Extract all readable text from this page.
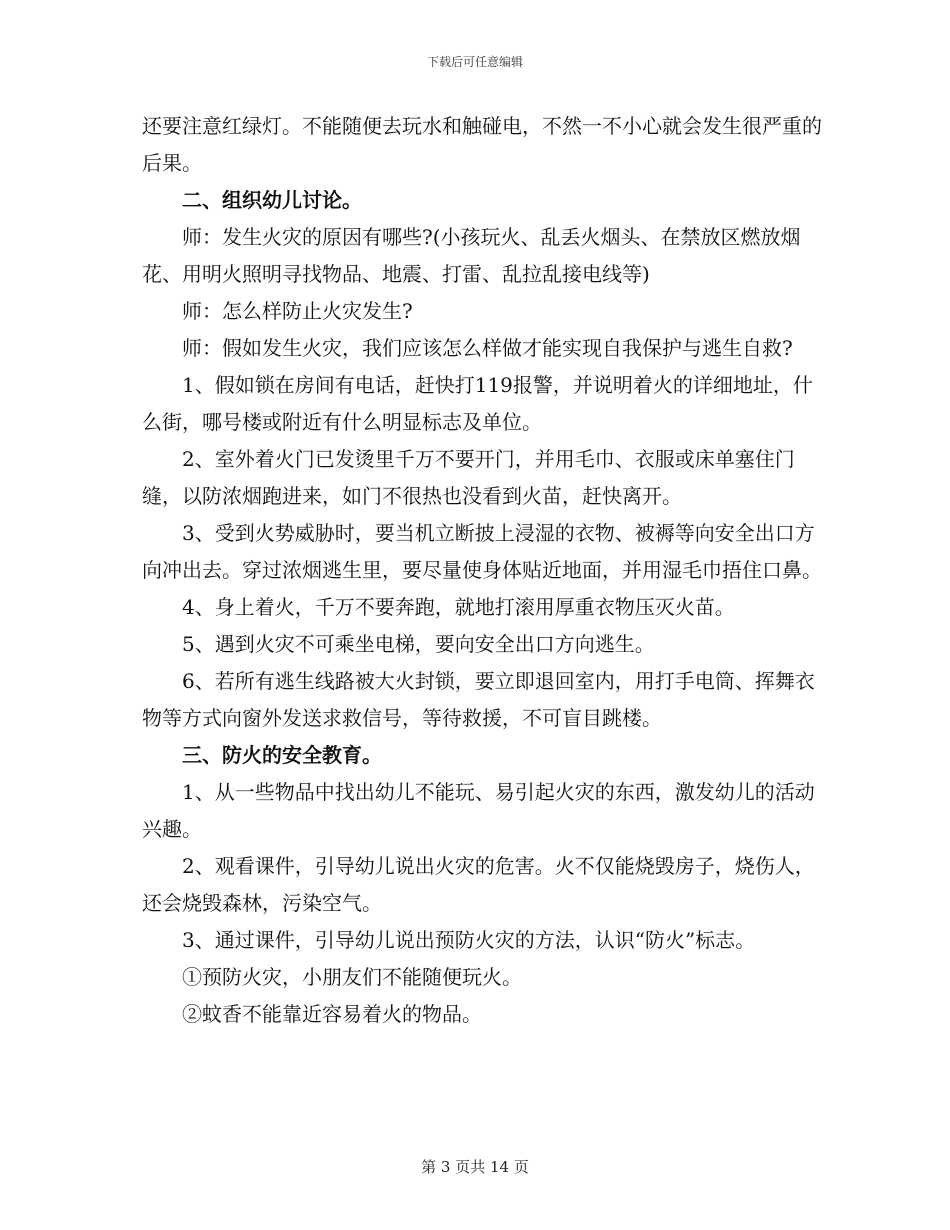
下载后可任意编辑

还要注意红绿灯。不能随便去玩水和触碰电，不然一不小心就会发生很严重的后果。

二、组织幼儿讨论。

师：发生火灾的原因有哪些?(小孩玩火、乱丢火烟头、在禁放区燃放烟花、用明火照明寻找物品、地震、打雷、乱拉乱接电线等)

师：怎么样防止火灾发生?

师：假如发生火灾，我们应该怎么样做才能实现自我保护与逃生自救?

1、假如锁在房间有电话，赶快打119报警，并说明着火的详细地址，什么街，哪号楼或附近有什么明显标志及单位。

2、室外着火门已发烫里千万不要开门，并用毛巾、衣服或床单塞住门缝，以防浓烟跑进来，如门不很热也没看到火苗，赶快离开。

3、受到火势威胁时，要当机立断披上浸湿的衣物、被褥等向安全出口方向冲出去。穿过浓烟逃生里，要尽量使身体贴近地面，并用湿毛巾捂住口鼻。

4、身上着火，千万不要奔跑，就地打滚用厚重衣物压灭火苗。

5、遇到火灾不可乘坐电梯，要向安全出口方向逃生。

6、若所有逃生线路被大火封锁，要立即退回室内，用打手电筒、挥舞衣物等方式向窗外发送求救信号，等待救援，不可盲目跳楼。

三、防火的安全教育。

1、从一些物品中找出幼儿不能玩、易引起火灾的东西，激发幼儿的活动兴趣。

2、观看课件，引导幼儿说出火灾的危害。火不仅能烧毁房子，烧伤人，还会烧毁森林，污染空气。

3、通过课件，引导幼儿说出预防火灾的方法，认识“防火”标志。

①预防火灾，小朋友们不能随便玩火。

②蚊香不能靠近容易着火的物品。

第 3 页共 14 页
